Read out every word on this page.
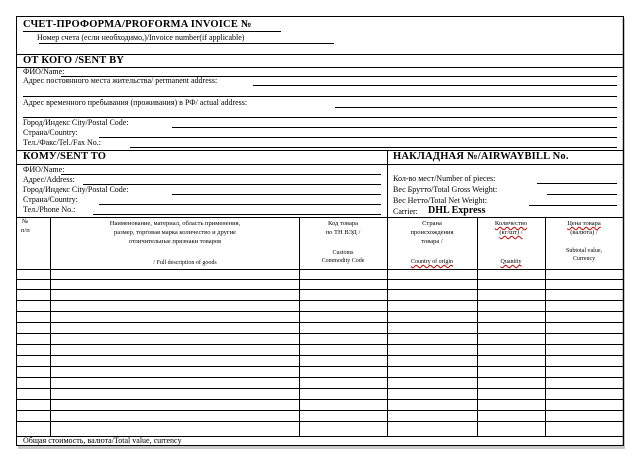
СЧЕТ-ПРОФОРМА/PROFORMA INVOICE №
Номер счета (если необходимо,)/Invoice number(if applicable)
ОТ КОГО /SENT BY
ФИО/Name:
Адрес постоянного места жительства/ permanent address:
Адрес временного пребывания (проживания) в РФ/ actual address:
Город/Индекс City/Postal Code:
Страна/Country:
Тел./Факс/Tel./Fax No.:
КОМУ/SENT TO	НАКЛАДНАЯ №/AIRWAYBILL No.
ФИО/Name:
Адрес/Address:
Город/Индекс City/Postal Code:
Страна/Country:
Тел./Phone No.:
Кол-во мест/Number of pieces:
Вес Брутто/Total Gross Weight:
Вес Нетто/Total Net Weight:
Carrier: DHL Express
№
п/п
Наименование, материал, область применения,
размер, торговая марка количество и другие
отличительные признаки товаров
/ Full description of goods
Код товара
по ТН ВЭД /
Customs
Commodity Code
Страна
происхождения
товара /
Country of origin
Количество
(кг/шт) /
Quantity
Цена товара
(валюта) /
Subtotal value,
Currency
Общая стоимость, валюта/Total value, currency
